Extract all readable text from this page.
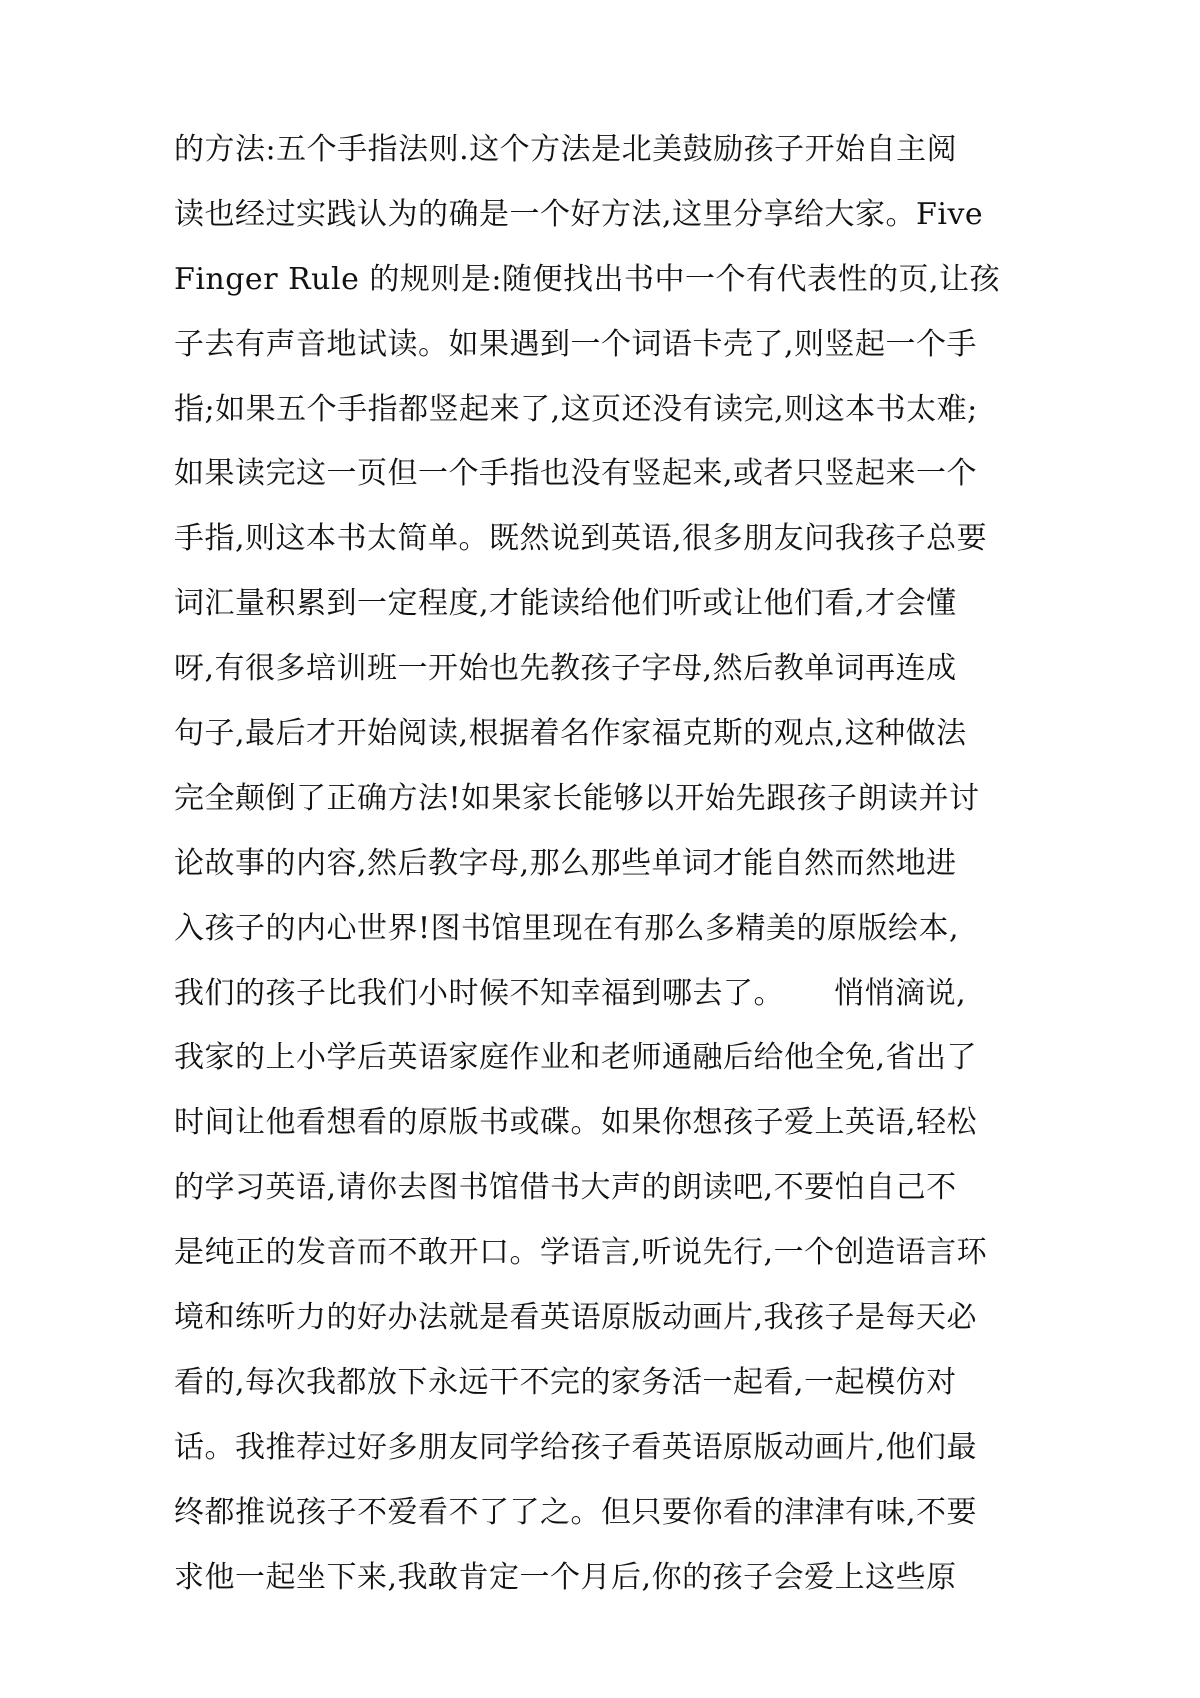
的方法:五个手指法则.这个方法是北美鼓励孩子开始自主阅
读也经过实践认为的确是一个好方法,这里分享给大家。Five
Finger Rule 的规则是:随便找出书中一个有代表性的页,让孩
子去有声音地试读。如果遇到一个词语卡壳了,则竖起一个手
指;如果五个手指都竖起来了,这页还没有读完,则这本书太难;
如果读完这一页但一个手指也没有竖起来,或者只竖起来一个
手指,则这本书太简单。既然说到英语,很多朋友问我孩子总要
词汇量积累到一定程度,才能读给他们听或让他们看,才会懂
呀,有很多培训班一开始也先教孩子字母,然后教单词再连成
句子,最后才开始阅读,根据着名作家福克斯的观点,这种做法
完全颠倒了正确方法!如果家长能够以开始先跟孩子朗读并讨
论故事的内容,然后教字母,那么那些单词才能自然而然地进
入孩子的内心世界!图书馆里现在有那么多精美的原版绘本,
我们的孩子比我们小时候不知幸福到哪去了。     悄悄滴说,
我家的上小学后英语家庭作业和老师通融后给他全免,省出了
时间让他看想看的原版书或碟。如果你想孩子爱上英语,轻松
的学习英语,请你去图书馆借书大声的朗读吧,不要怕自己不
是纯正的发音而不敢开口。学语言,听说先行,一个创造语言环
境和练听力的好办法就是看英语原版动画片,我孩子是每天必
看的,每次我都放下永远干不完的家务活一起看,一起模仿对
话。我推荐过好多朋友同学给孩子看英语原版动画片,他们最
终都推说孩子不爱看不了了之。但只要你看的津津有味,不要
求他一起坐下来,我敢肯定一个月后,你的孩子会爱上这些原
